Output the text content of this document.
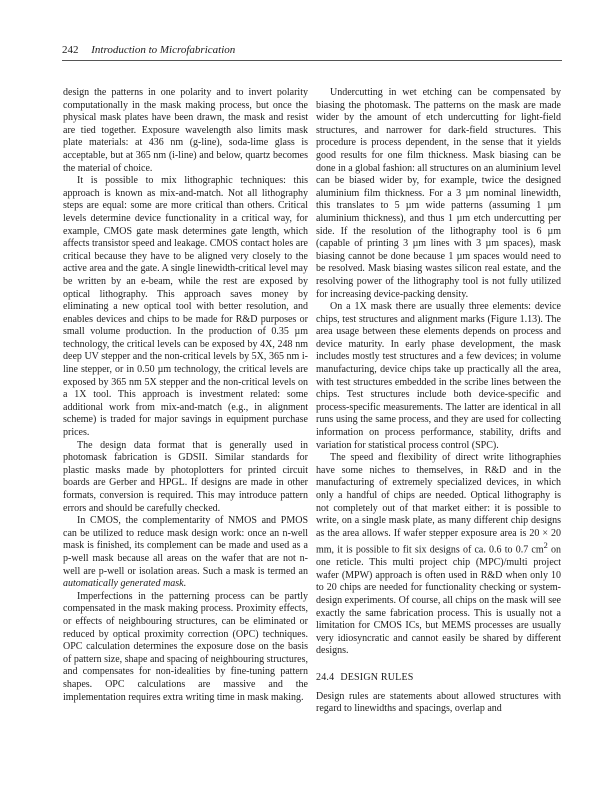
242 Introduction to Microfabrication

design the patterns in one polarity and to invert polarity computationally in the mask making process, but once the physical mask plates have been drawn, the mask and resist are tied together. Exposure wavelength also limits mask plate materials: at 436 nm (g-line), soda-lime glass is acceptable, but at 365 nm (i-line) and below, quartz becomes the material of choice.

It is possible to mix lithographic techniques: this approach is known as mix-and-match. Not all lithography steps are equal: some are more critical than others. Critical levels determine device functionality in a critical way, for example, CMOS gate mask determines gate length, which affects transistor speed and leakage. CMOS contact holes are critical because they have to be aligned very closely to the active area and the gate. A single linewidth-critical level may be written by an e-beam, while the rest are exposed by optical lithography. This approach saves money by eliminating a new optical tool with better resolution, and enables devices and chips to be made for R&D purposes or small volume production. In the production of 0.35 µm technology, the critical levels can be exposed by 4X, 248 nm deep UV stepper and the non-critical levels by 5X, 365 nm i-line stepper, or in 0.50 µm technology, the critical levels are exposed by 365 nm 5X stepper and the non-critical levels on a 1X tool. This approach is investment related: some additional work from mix-and-match (e.g., in alignment scheme) is traded for major savings in equipment purchase prices.

The design data format that is generally used in photomask fabrication is GDSII. Similar standards for plastic masks made by photoplotters for printed circuit boards are Gerber and HPGL. If designs are made in other formats, conversion is required. This may introduce pattern errors and should be carefully checked.

In CMOS, the complementarity of NMOS and PMOS can be utilized to reduce mask design work: once an n-well mask is finished, its complement can be made and used as a p-well mask because all areas on the wafer that are not n-well are p-well or isolation areas. Such a mask is termed an automatically generated mask.

Imperfections in the patterning process can be partly compensated in the mask making process. Proximity effects, or effects of neighbouring structures, can be eliminated or reduced by optical proximity correction (OPC) techniques. OPC calculation determines the exposure dose on the basis of pattern size, shape and spacing of neighbouring structures, and compensates for non-idealities by fine-tuning pattern shapes. OPC calculations are massive and the implementation requires extra writing time in mask making.

Undercutting in wet etching can be compensated by biasing the photomask. The patterns on the mask are made wider by the amount of etch undercutting for light-field structures, and narrower for dark-field structures. This procedure is process dependent, in the sense that it yields good results for one film thickness. Mask biasing can be done in a global fashion: all structures on an aluminium level can be biased wider by, for example, twice the designed aluminium film thickness. For a 3 µm nominal linewidth, this translates to 5 µm wide patterns (assuming 1 µm aluminium thickness), and thus 1 µm etch undercutting per side. If the resolution of the lithography tool is 6 µm (capable of printing 3 µm lines with 3 µm spaces), mask biasing cannot be done because 1 µm spaces would need to be resolved. Mask biasing wastes silicon real estate, and the resolving power of the lithography tool is not fully utilized for increasing device-packing density.

On a 1X mask there are usually three elements: device chips, test structures and alignment marks (Figure 1.13). The area usage between these elements depends on process and device maturity. In early phase development, the mask includes mostly test structures and a few devices; in volume manufacturing, device chips take up practically all the area, with test structures embedded in the scribe lines between the chips. Test structures include both device-specific and process-specific measurements. The latter are identical in all runs using the same process, and they are used for collecting information on process performance, stability, drifts and variation for statistical process control (SPC).

The speed and flexibility of direct write lithographies have some niches to themselves, in R&D and in the manufacturing of extremely specialized devices, in which only a handful of chips are needed. Optical lithography is not completely out of that market either: it is possible to write, on a single mask plate, as many different chip designs as the area allows. If wafer stepper exposure area is 20 × 20 mm, it is possible to fit six designs of ca. 0.6 to 0.7 $cm^2$ on one reticle. This multi project chip (MPC)/multi project wafer (MPW) approach is often used in R&D when only 10 to 20 chips are needed for functionality checking or system-design experiments. Of course, all chips on the mask will see exactly the same fabrication process. This is usually not a limitation for CMOS ICs, but MEMS processes are usually very idiosyncratic and cannot easily be shared by different designs.

24.4 DESIGN RULES

Design rules are statements about allowed structures with regard to linewidths and spacings, overlap and
